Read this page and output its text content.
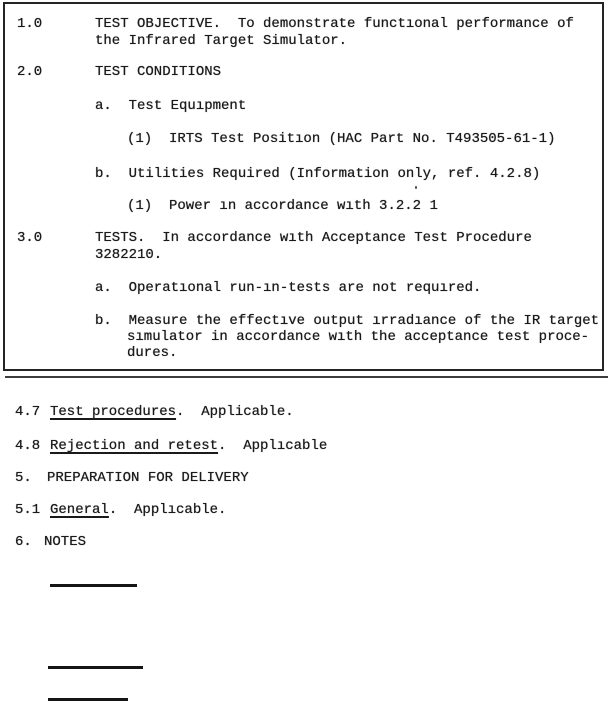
1.0	TEST OBJECTIVE.  To demonstrate functıonal performance of
the Infrared Target Simulator.
2.0	TEST CONDITIONS
a.  Test Equıpment
(1)  IRTS Test Positıon (HAC Part No. T493505-61-1)
b.  Utilities Required (Information only, ref. 4.2.8)
(1)  Power ın accordance wıth 3.2.2 1
3.0	TESTS.  In accordance wıth Acceptance Test Procedure
3282210.
a.  Operatıonal run-ın-tests are not requıred.
b.  Measure the effectıve output ırradıance of the IR target
sımulator in accordance wıth the acceptance test proce-
dures.
4.7 Test procedures.  Applicable.
4.8 Rejection and retest.  Applıcable
5. PREPARATION FOR DELIVERY
5.1 General.  Applıcable.
6. NOTES
